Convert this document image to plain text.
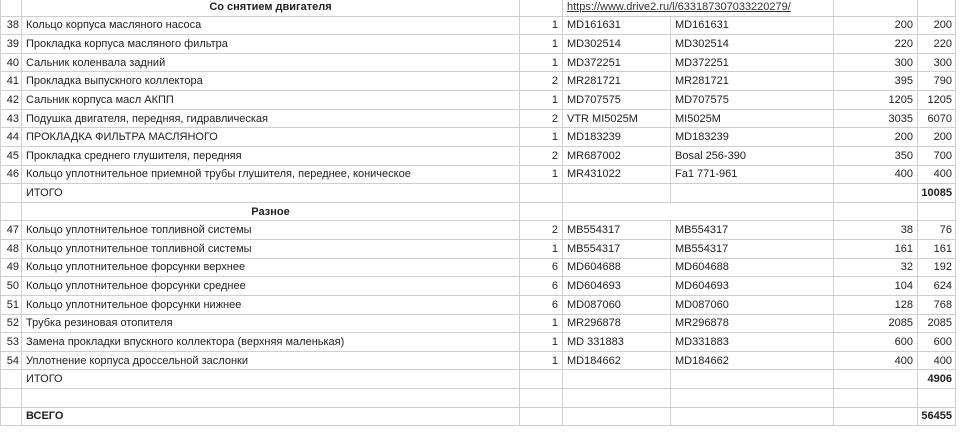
Со снятием двигателя	https://www.drive2.ru/l/633187307033220279/
38 Кольцо корпуса масляного насоса	1 MD161631	MD161631	200	200
39 Прокладка корпуса масляного фильтра	1 MD302514	MD302514	220	220
40 Сальник коленвала задний	1 MD372251	MD372251	300	300
41 Прокладка выпускного коллектора	2 MR281721	MR281721	395	790
42 Сальник корпуса масл АКПП	1 MD707575	MD707575	1205	1205
43 Подушка двигателя, передняя, гидравлическая	2 VTR MI5025M	MI5025M	3035	6070
44 ПРОКЛАДКА ФИЛЬТРА МАСЛЯНОГО	1 MD183239	MD183239	200	200
45 Прокладка среднего глушителя, передняя	2 MR687002	Bosal 256-390	350	700
46 Кольцо уплотнительное приемной трубы глушителя, переднее, коническое	1 MR431022	Fa1 771-961	400	400
ИТОГО	10085
Разное
47 Кольцо уплотнительное топливной системы	2 MB554317	MB554317	38	76
48 Кольцо уплотнительное топливной системы	1 MB554317	MB554317	161	161
49 Кольцо уплотнительное форсунки верхнее	6 MD604688	MD604688	32	192
50 Кольцо уплотнительное форсунки среднее	6 MD604693	MD604693	104	624
51 Кольцо уплотнительное форсунки нижнее	6 MD087060	MD087060	128	768
52 Трубка резиновая отопителя	1 MR296878	MR296878	2085	2085
53 Замена прокладки впускного коллектора (верхняя маленькая)	1 MD 331883	MD331883	600	600
54 Уплотнение корпуса дроссельной заслонки	1 MD184662	MD184662	400	400
ИТОГО	4906
ВСЕГО	56455
